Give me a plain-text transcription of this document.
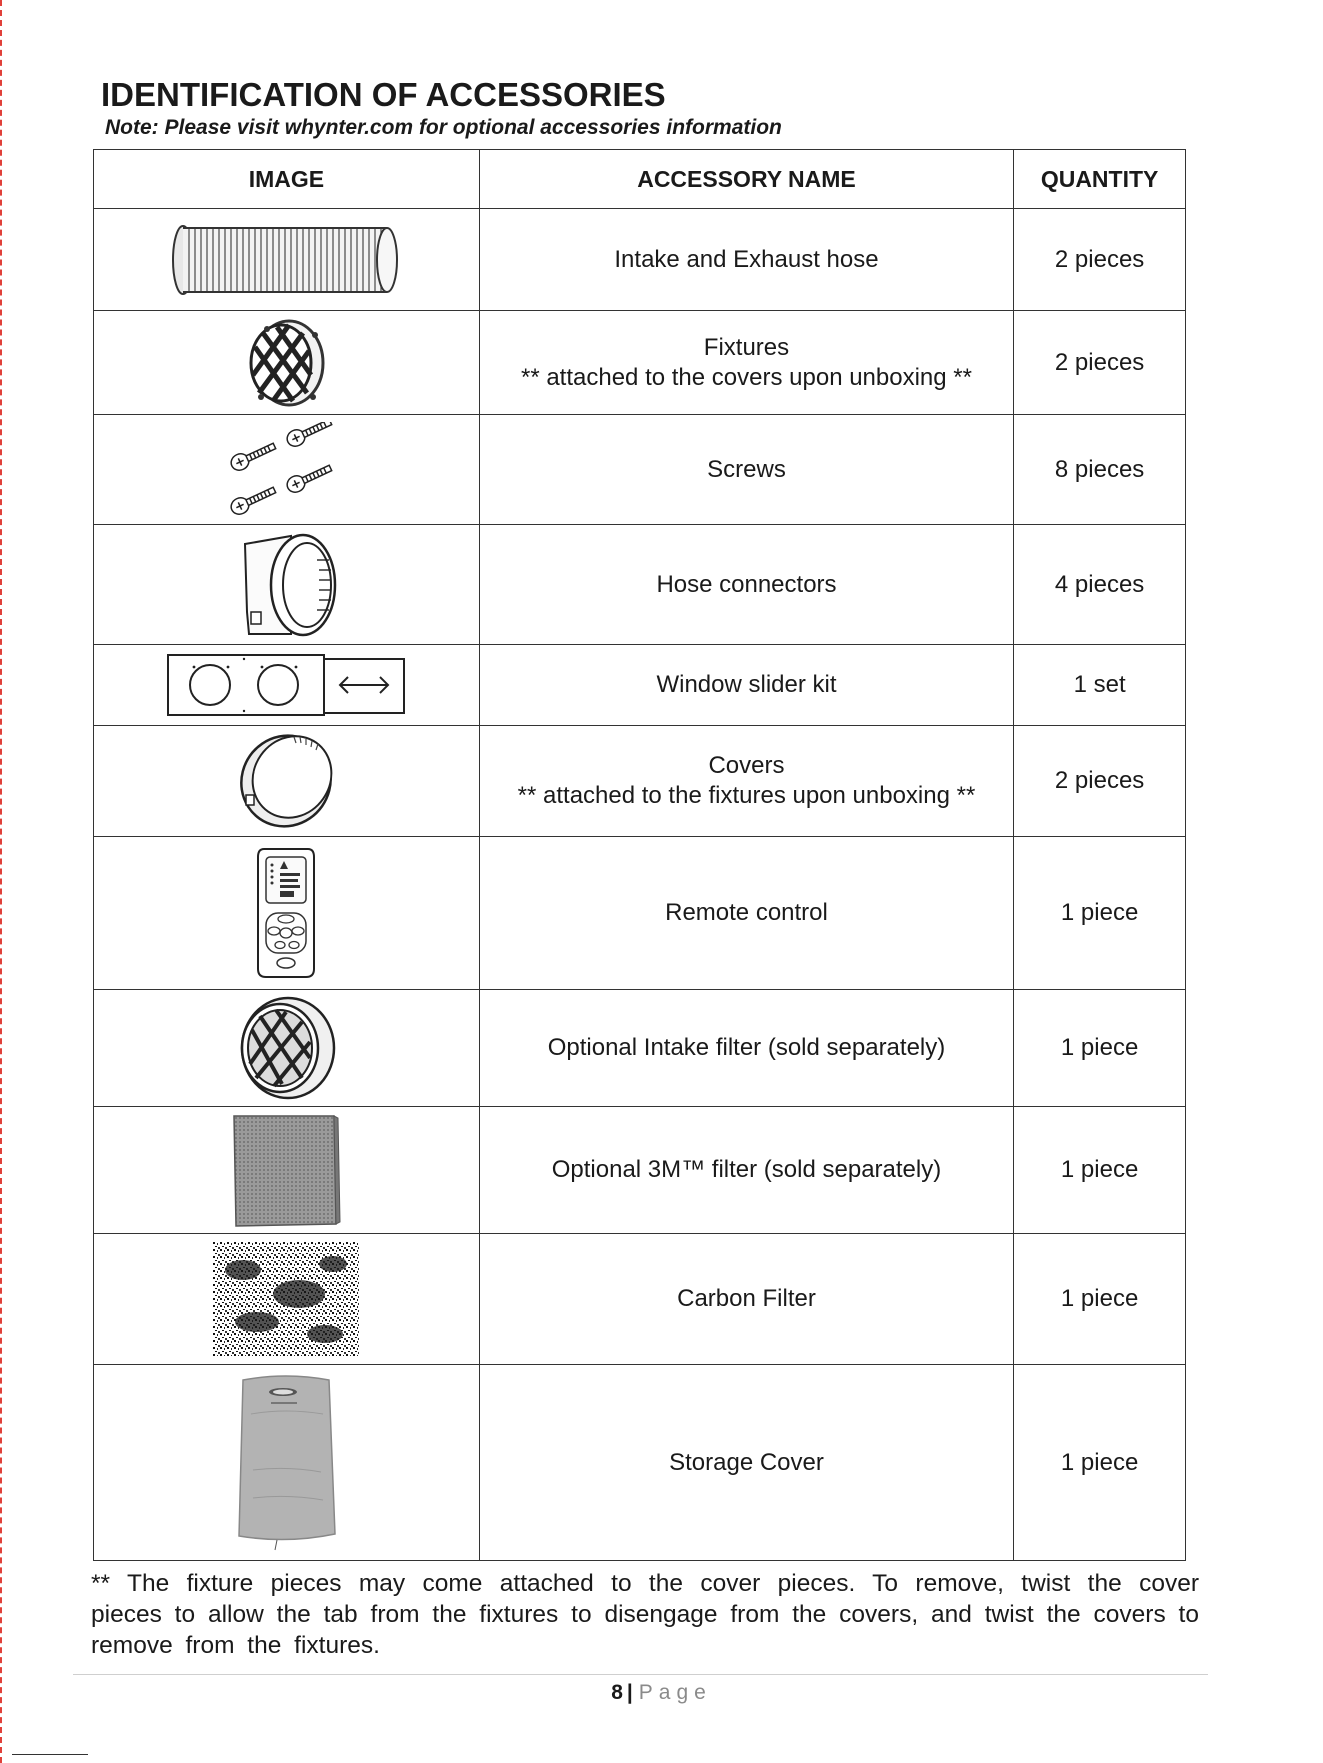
IDENTIFICATION OF ACCESSORIES
Note: Please visit whynter.com for optional accessories information
IMAGE	ACCESSORY NAME	QUANTITY

Intake and Exhaust hose	2 pieces

Fixtures
** attached to the covers upon unboxing **	2 pieces

Screws	8 pieces

Hose connectors	4 pieces

Window slider kit	1 set

Covers
** attached to the fixtures upon unboxing **	2 pieces

Remote control	1 piece

Optional Intake filter (sold separately)	1 piece

Optional 3M™ filter (sold separately)	1 piece

Carbon Filter	1 piece

Storage Cover	1 piece
** The fixture pieces may come attached to the cover pieces. To remove, twist the cover pieces to allow the tab from the fixtures to disengage from the covers, and twist the covers to remove from the fixtures.
8 | Page
